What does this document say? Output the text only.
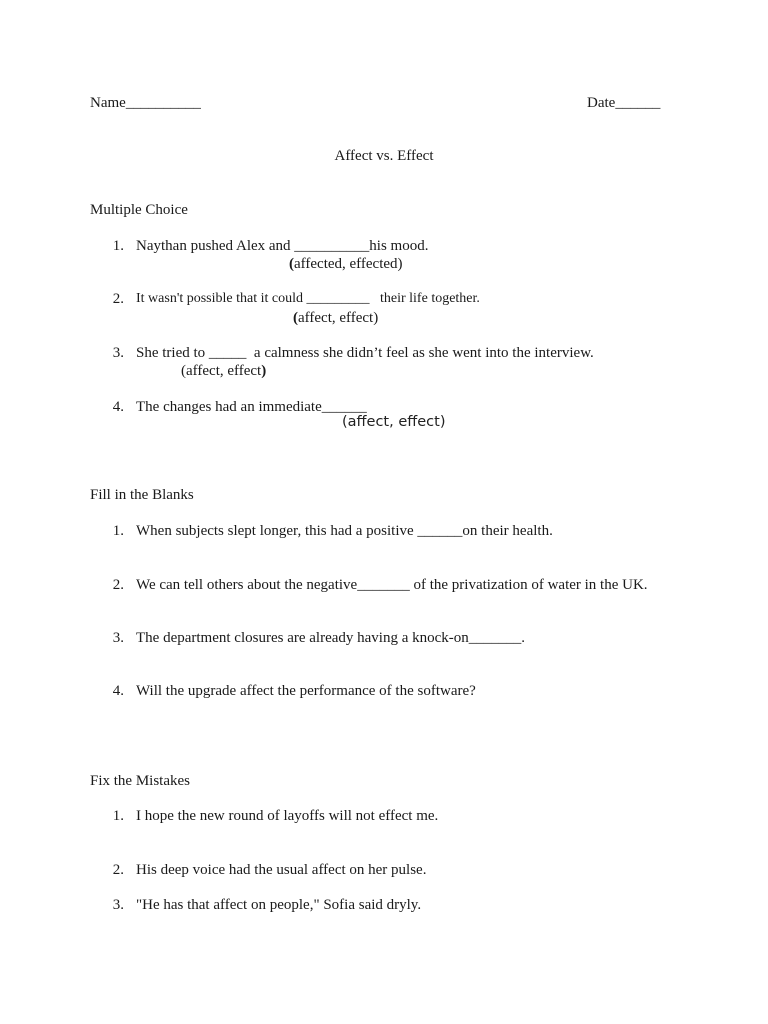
Name__________	Date______
Affect vs. Effect
Multiple Choice
1. Naythan pushed Alex and __________his mood.
(affected, effected)
2. It wasn't possible that it could _________   their life together.
(affect, effect)
3. She tried to _____  a calmness she didn’t feel as she went into the interview.
(affect, effect)
4. The changes had an immediate______
(affect, effect)
Fill in the Blanks
1. When subjects slept longer, this had a positive ______on their health.
2. We can tell others about the negative_______ of the privatization of water in the UK.
3. The department closures are already having a knock-on_______.
4. Will the upgrade affect the performance of the software?
Fix the Mistakes
1. I hope the new round of layoffs will not effect me.
2. His deep voice had the usual affect on her pulse.
3. "He has that affect on people," Sofia said dryly.
